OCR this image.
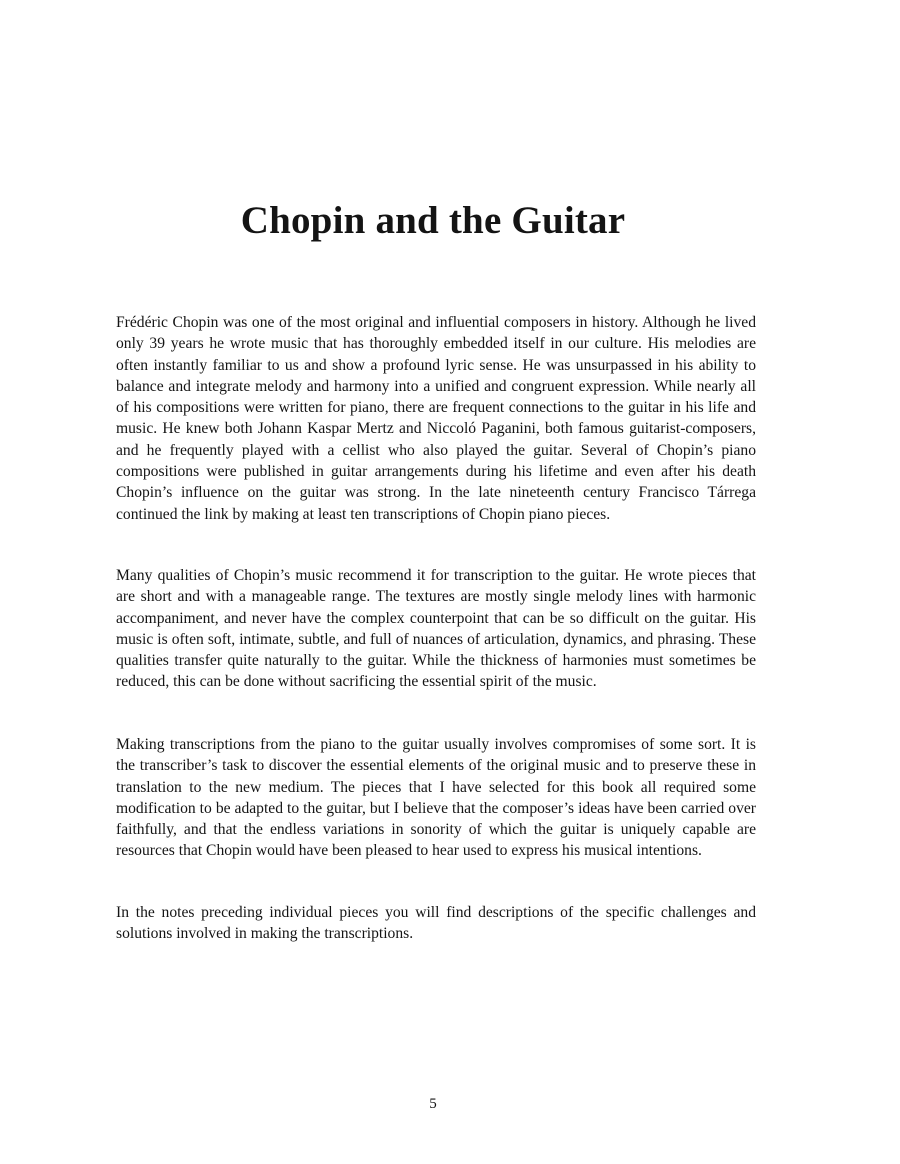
Chopin and the Guitar

Frédéric Chopin was one of the most original and influential composers in history. Although he lived only 39 years he wrote music that has thoroughly embedded itself in our culture. His melodies are often instantly familiar to us and show a profound lyric sense. He was unsurpassed in his ability to balance and integrate melody and harmony into a unified and congruent expression. While nearly all of his compositions were written for piano, there are frequent connections to the guitar in his life and music. He knew both Johann Kaspar Mertz and Niccoló Paganini, both famous guitarist-composers, and he frequently played with a cellist who also played the guitar. Several of Chopin’s piano compositions were published in guitar arrangements during his lifetime and even after his death Chopin’s influence on the guitar was strong. In the late nineteenth century Francisco Tárrega continued the link by making at least ten transcriptions of Chopin piano pieces.

Many qualities of Chopin’s music recommend it for transcription to the guitar. He wrote pieces that are short and with a manageable range. The textures are mostly single melody lines with harmonic accompaniment, and never have the complex counterpoint that can be so difficult on the guitar. His music is often soft, intimate, subtle, and full of nuances of articulation, dynamics, and phrasing. These qualities transfer quite naturally to the guitar. While the thickness of harmonies must sometimes be reduced, this can be done without sacrificing the essential spirit of the music.

Making transcriptions from the piano to the guitar usually involves compromises of some sort. It is the transcriber’s task to discover the essential elements of the original music and to preserve these in translation to the new medium. The pieces that I have selected for this book all required some modification to be adapted to the guitar, but I believe that the composer’s ideas have been carried over faithfully, and that the endless variations in sonority of which the guitar is uniquely capable are resources that Chopin would have been pleased to hear used to express his musical intentions.

In the notes preceding individual pieces you will find descriptions of the specific challenges and solutions involved in making the transcriptions.

5
